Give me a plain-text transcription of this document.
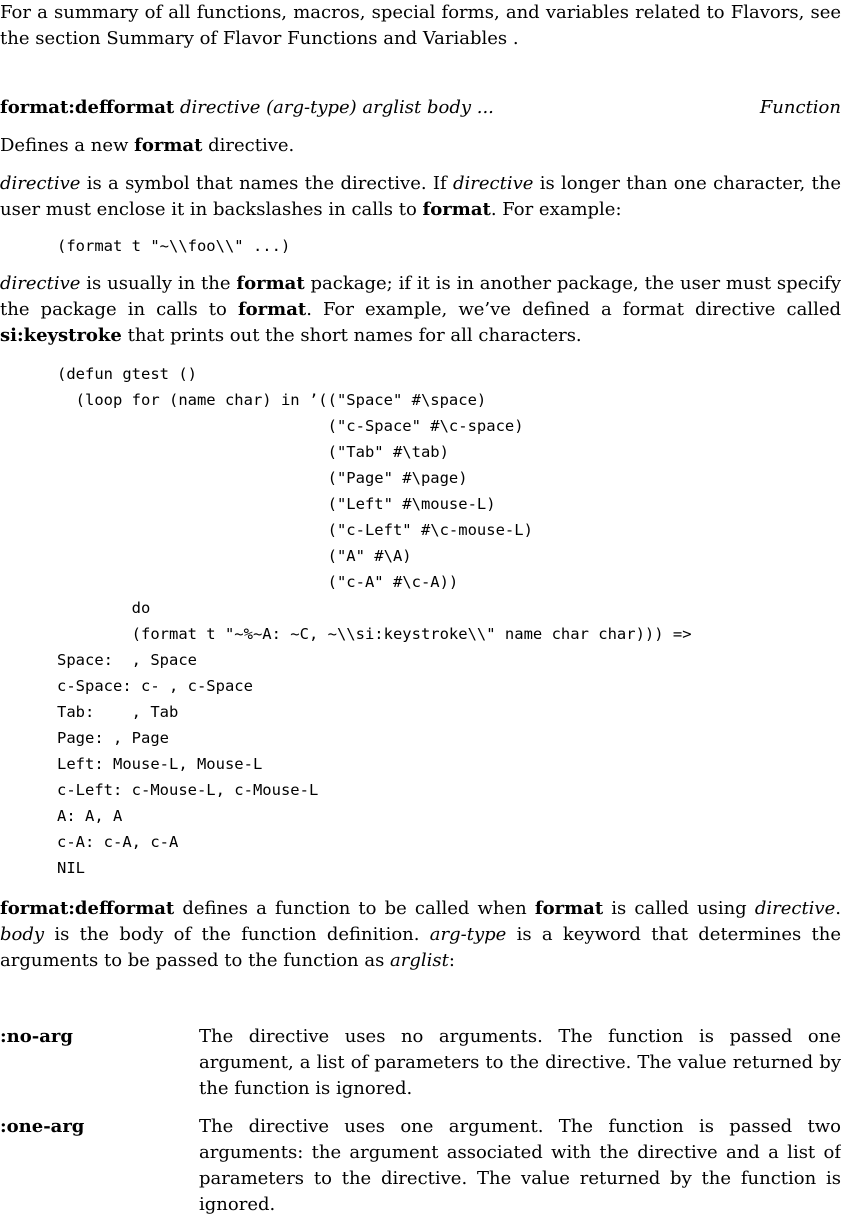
For a summary of all functions, macros, special forms, and variables related to Flavors, see the section Summary of Flavor Functions and Variables .

format:defformat directive (arg-type) arglist body ...	Function

Defines a new format directive.

directive is a symbol that names the directive. If directive is longer than one character, the user must enclose it in backslashes in calls to format. For example:

(format t "~\\foo\\" ...)

directive is usually in the format package; if it is in another package, the user must specify the package in calls to format. For example, we’ve defined a format directive called si:keystroke that prints out the short names for all characters.

(defun gtest ()
(loop for (name char) in ’(("Space" #\space)
("c-Space" #\c-space)
("Tab" #\tab)
("Page" #\page)
("Left" #\mouse-L)
("c-Left" #\c-mouse-L)
("A" #\A)
("c-A" #\c-A))
do
(format t "~%~A: ~C, ~\\si:keystroke\\" name char char))) =>
Space:  , Space
c-Space: c- , c-Space
Tab:    , Tab
Page: , Page
Left: Mouse-L, Mouse-L
c-Left: c-Mouse-L, c-Mouse-L
A: A, A
c-A: c-A, c-A
NIL

format:defformat defines a function to be called when format is called using directive. body is the body of the function definition. arg-type is a keyword that determines the arguments to be passed to the function as arglist:

:no-arg	The directive uses no arguments. The function is passed one argument, a list of parameters to the directive. The value returned by the function is ignored.

:one-arg	The directive uses one argument. The function is passed two arguments: the argument associated with the directive and a list of parameters to the directive. The value returned by the function is ignored.
